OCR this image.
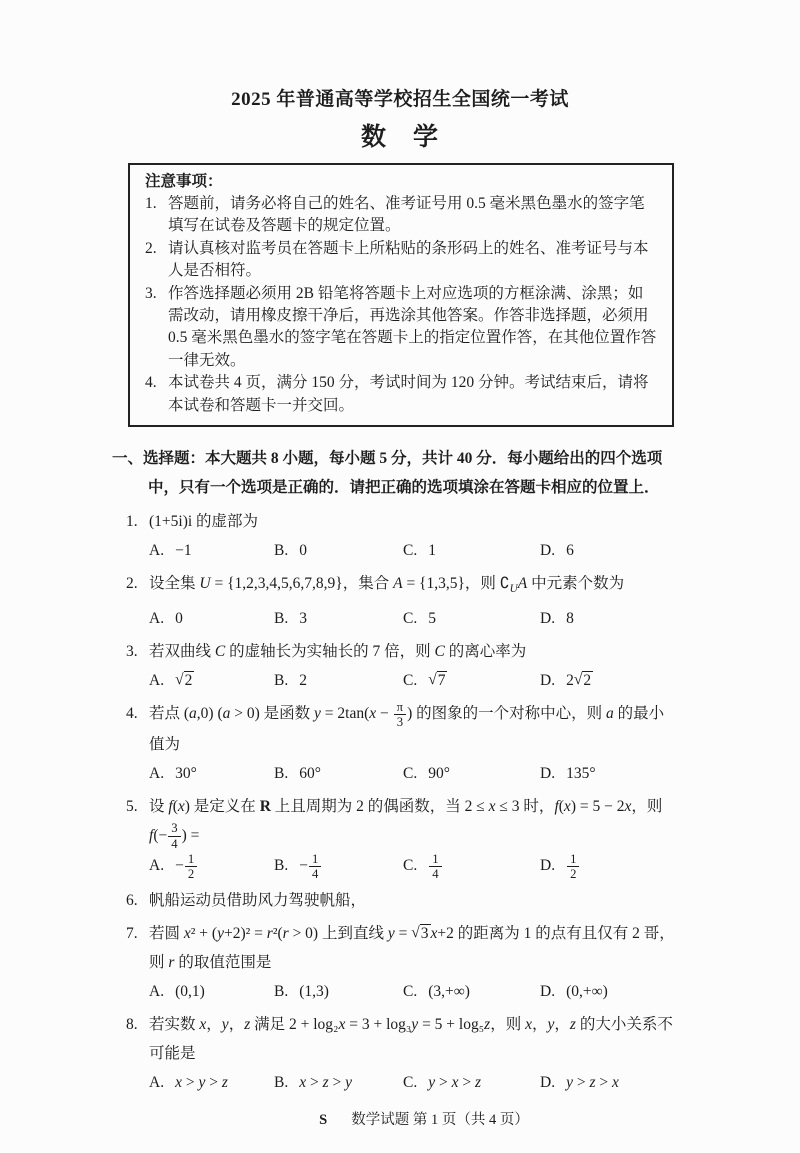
2025 年普通高等学校招生全国统一考试
数　学
注意事项：
1. 答题前，请务必将自己的姓名、准考证号用 0.5 毫米黑色墨水的签字笔填写在试卷及答题卡的规定位置。
2. 请认真核对监考员在答题卡上所粘贴的条形码上的姓名、准考证号与本人是否相符。
3. 作答选择题必须用 2B 铅笔将答题卡上对应选项的方框涂满、涂黑；如需改动，请用橡皮擦干净后，再选涂其他答案。作答非选择题，必须用 0.5 毫米黑色墨水的签字笔在答题卡上的指定位置作答，在其他位置作答一律无效。
4. 本试卷共 4 页，满分 150 分，考试时间为 120 分钟。考试结束后，请将本试卷和答题卡一并交回。
一、选择题：本大题共 8 小题，每小题 5 分，共计 40 分．每小题给出的四个选项中，只有一个选项是正确的．请把正确的选项填涂在答题卡相应的位置上．
1. (1+5i)i 的虚部为
A. −1	B. 0	C. 1	D. 6
2. 设全集 U = {1,2,3,4,5,6,7,8,9}，集合 A = {1,3,5}，则 $∁_UA$ 中元素个数为
A. 0	B. 3	C. 5	D. 8
3. 若双曲线 C 的虚轴长为实轴长的 7 倍，则 C 的离心率为
A. √2	B. 2	C. √7	D. 2√2
4. 若点 (a,0) (a > 0) 是函数 $y = 2\tan(x - \frac{\pi}{3}$ ) 的图象的一个对称中心，则 a 的最小值为
A. 30°	B. 60°	C. 90°	D. 135°
5. 设 f(x) 是定义在 R 上且周期为 2 的偶函数，当 2 ≤ x ≤ 3 时，f(x) = 5 − 2x，则 $f(- \frac{3}{4}$ ) =
A. − $\frac{1}{2}$	B. − $\frac{1}{4}$	C. $\frac{1}{4}$	D. $\frac{1}{2}$
6. 帆船运动员借助风力驾驶帆船，
7. 若圆 x² + (y+2)² = r²(r > 0) 上到直线 y = √3 x+2 的距离为 1 的点有且仅有 2 哥，则 r 的取值范围是
A. (0,1)	B. (1,3)	C. (3,+∞)	D. (0,+∞)
8. 若实数 x，y，z 满足 2 + log₂x = 3 + log₃y = 5 + log₅z，则 x，y，z 的大小关系不可能是
A. x > y > z	B. x > z > y	C. y > x > z	D. y > z > x
S 数学试题 第 1 页（共 4 页）
